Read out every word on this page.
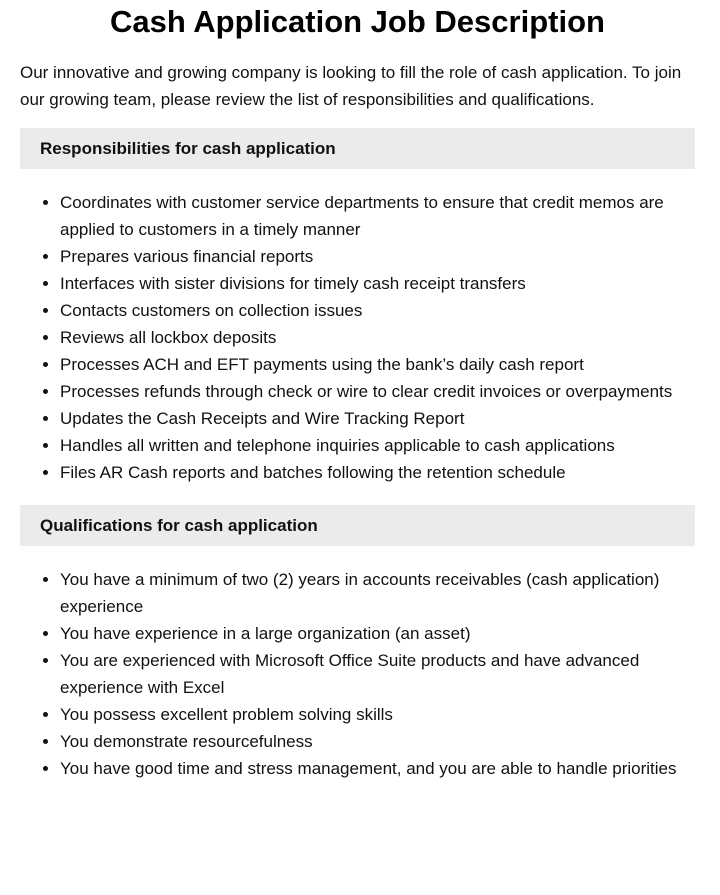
Cash Application Job Description

Our innovative and growing company is looking to fill the role of cash application. To join our growing team, please review the list of responsibilities and qualifications.

Responsibilities for cash application
• Coordinates with customer service departments to ensure that credit memos are applied to customers in a timely manner
• Prepares various financial reports
• Interfaces with sister divisions for timely cash receipt transfers
• Contacts customers on collection issues
• Reviews all lockbox deposits
• Processes ACH and EFT payments using the bank’s daily cash report
• Processes refunds through check or wire to clear credit invoices or overpayments
• Updates the Cash Receipts and Wire Tracking Report
• Handles all written and telephone inquiries applicable to cash applications
• Files AR Cash reports and batches following the retention schedule
Qualifications for cash application
• You have a minimum of two (2) years in accounts receivables (cash application) experience
• You have experience in a large organization (an asset)
• You are experienced with Microsoft Office Suite products and have advanced experience with Excel
• You possess excellent problem solving skills
• You demonstrate resourcefulness
• You have good time and stress management, and you are able to handle priorities
